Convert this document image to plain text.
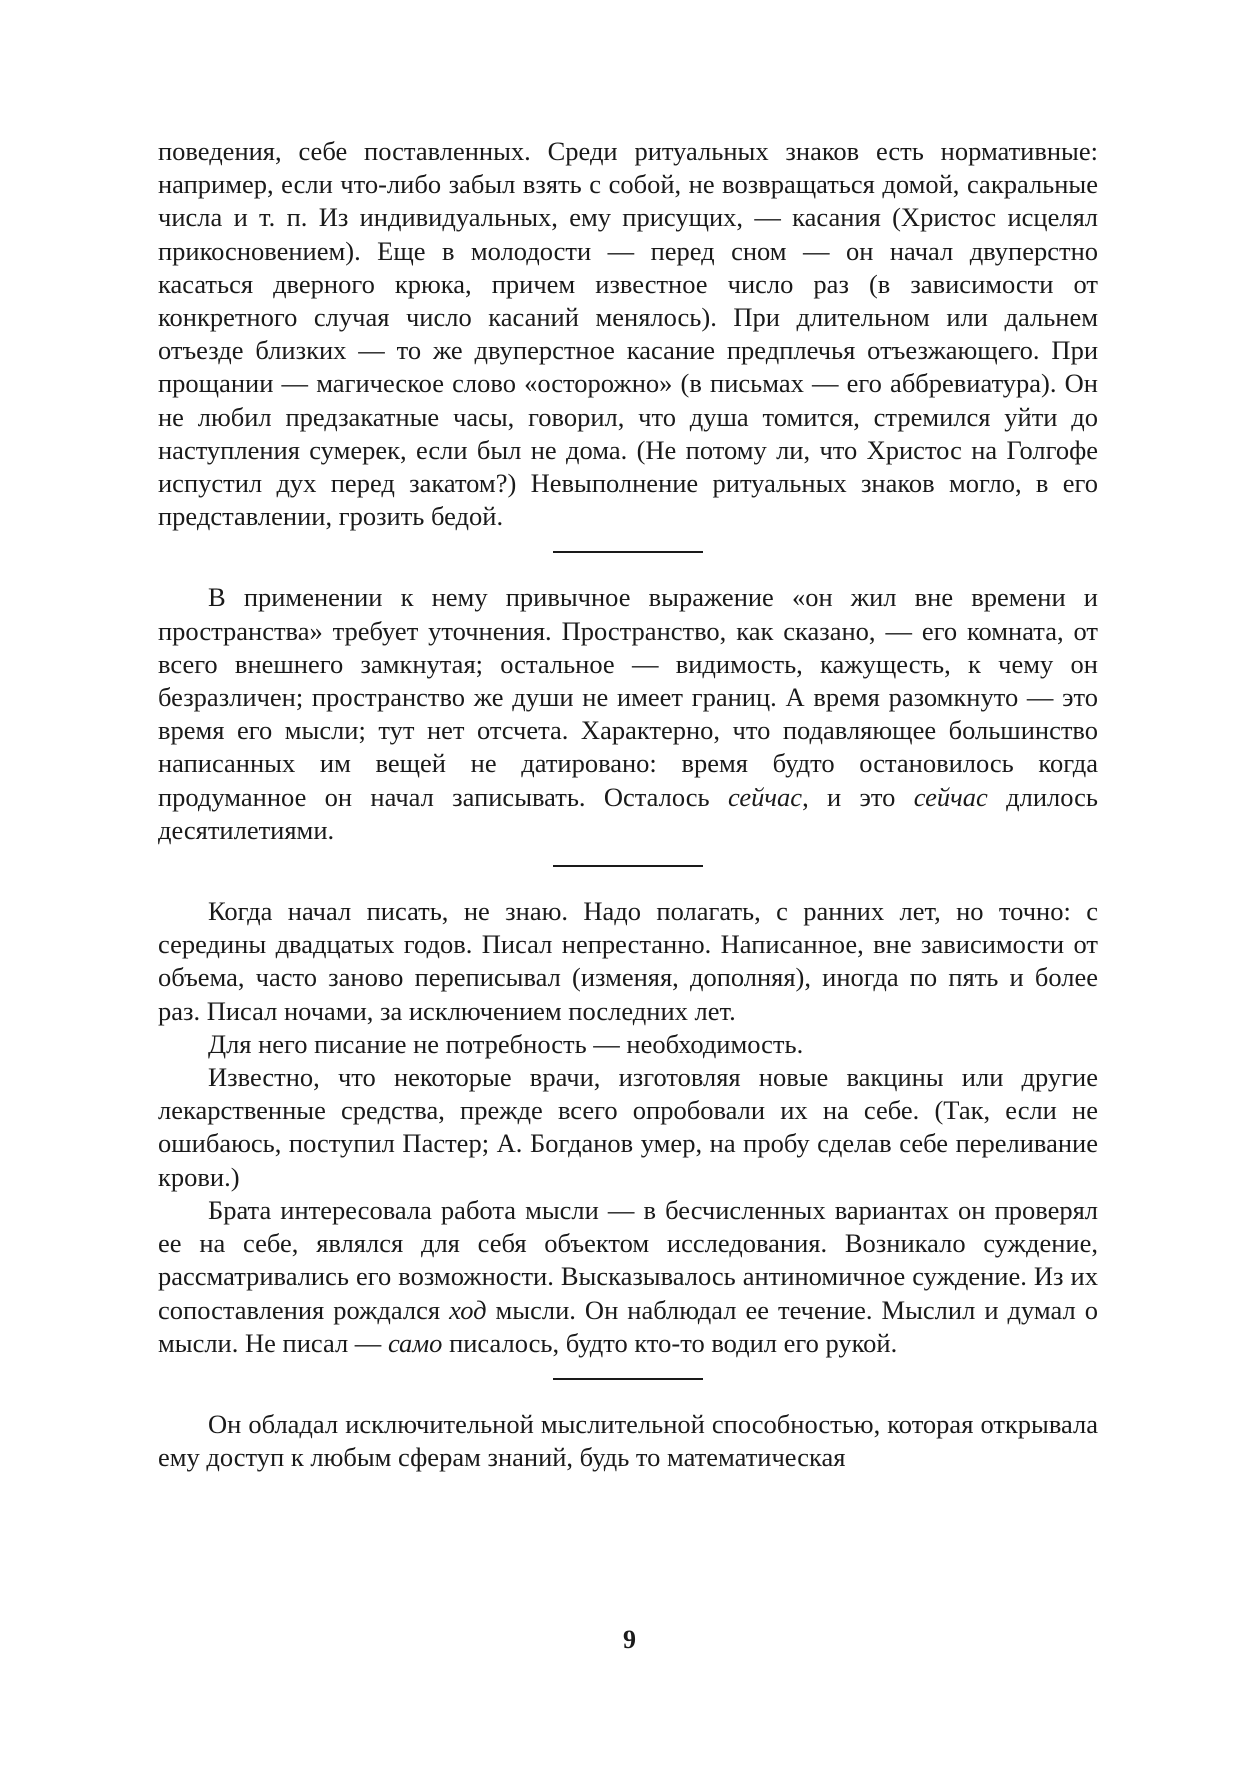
поведения, себе поставленных. Среди ритуальных знаков есть нормативные: например, если что-либо забыл взять с собой, не возвращаться домой, сакральные числа и т. п. Из индивидуальных, ему присущих, — касания (Христос исцелял прикосновением). Еще в молодости — перед сном — он начал двуперстно касаться дверного крюка, причем известное число раз (в зависимости от конкретного случая число касаний менялось). При длительном или дальнем отъезде близких — то же двуперстное касание предплечья отъезжающего. При прощании — магическое слово «осторожно» (в письмах — его аббревиатура). Он не любил предзакатные часы, говорил, что душа томится, стремился уйти до наступления сумерек, если был не дома. (Не потому ли, что Христос на Голгофе испустил дух перед закатом?) Невыполнение ритуальных знаков могло, в его представлении, грозить бедой.

В применении к нему привычное выражение «он жил вне времени и пространства» требует уточнения. Пространство, как сказано, — его комната, от всего внешнего замкнутая; остальное — видимость, кажущесть, к чему он безразличен; пространство же души не имеет границ. А время разомкнуто — это время его мысли; тут нет отсчета. Характерно, что подавляющее большинство написанных им вещей не датировано: время будто остановилось когда продуманное он начал записывать. Осталось сейчас, и это сейчас длилось десятилетиями.

Когда начал писать, не знаю. Надо полагать, с ранних лет, но точно: с середины двадцатых годов. Писал непрестанно. Написанное, вне зависимости от объема, часто заново переписывал (изменяя, дополняя), иногда по пять и более раз. Писал ночами, за исключением последних лет.

Для него писание не потребность — необходимость.

Известно, что некоторые врачи, изготовляя новые вакцины или другие лекарственные средства, прежде всего опробовали их на себе. (Так, если не ошибаюсь, поступил Пастер; А. Богданов умер, на пробу сделав себе переливание крови.)

Брата интересовала работа мысли — в бесчисленных вариантах он проверял ее на себе, являлся для себя объектом исследования. Возникало суждение, рассматривались его возможности. Высказывалось антиномичное суждение. Из их сопоставления рождался ход мысли. Он наблюдал ее течение. Мыслил и думал о мысли. Не писал — само писалось, будто кто-то водил его рукой.

Он обладал исключительной мыслительной способностью, которая открывала ему доступ к любым сферам знаний, будь то математическая

9
